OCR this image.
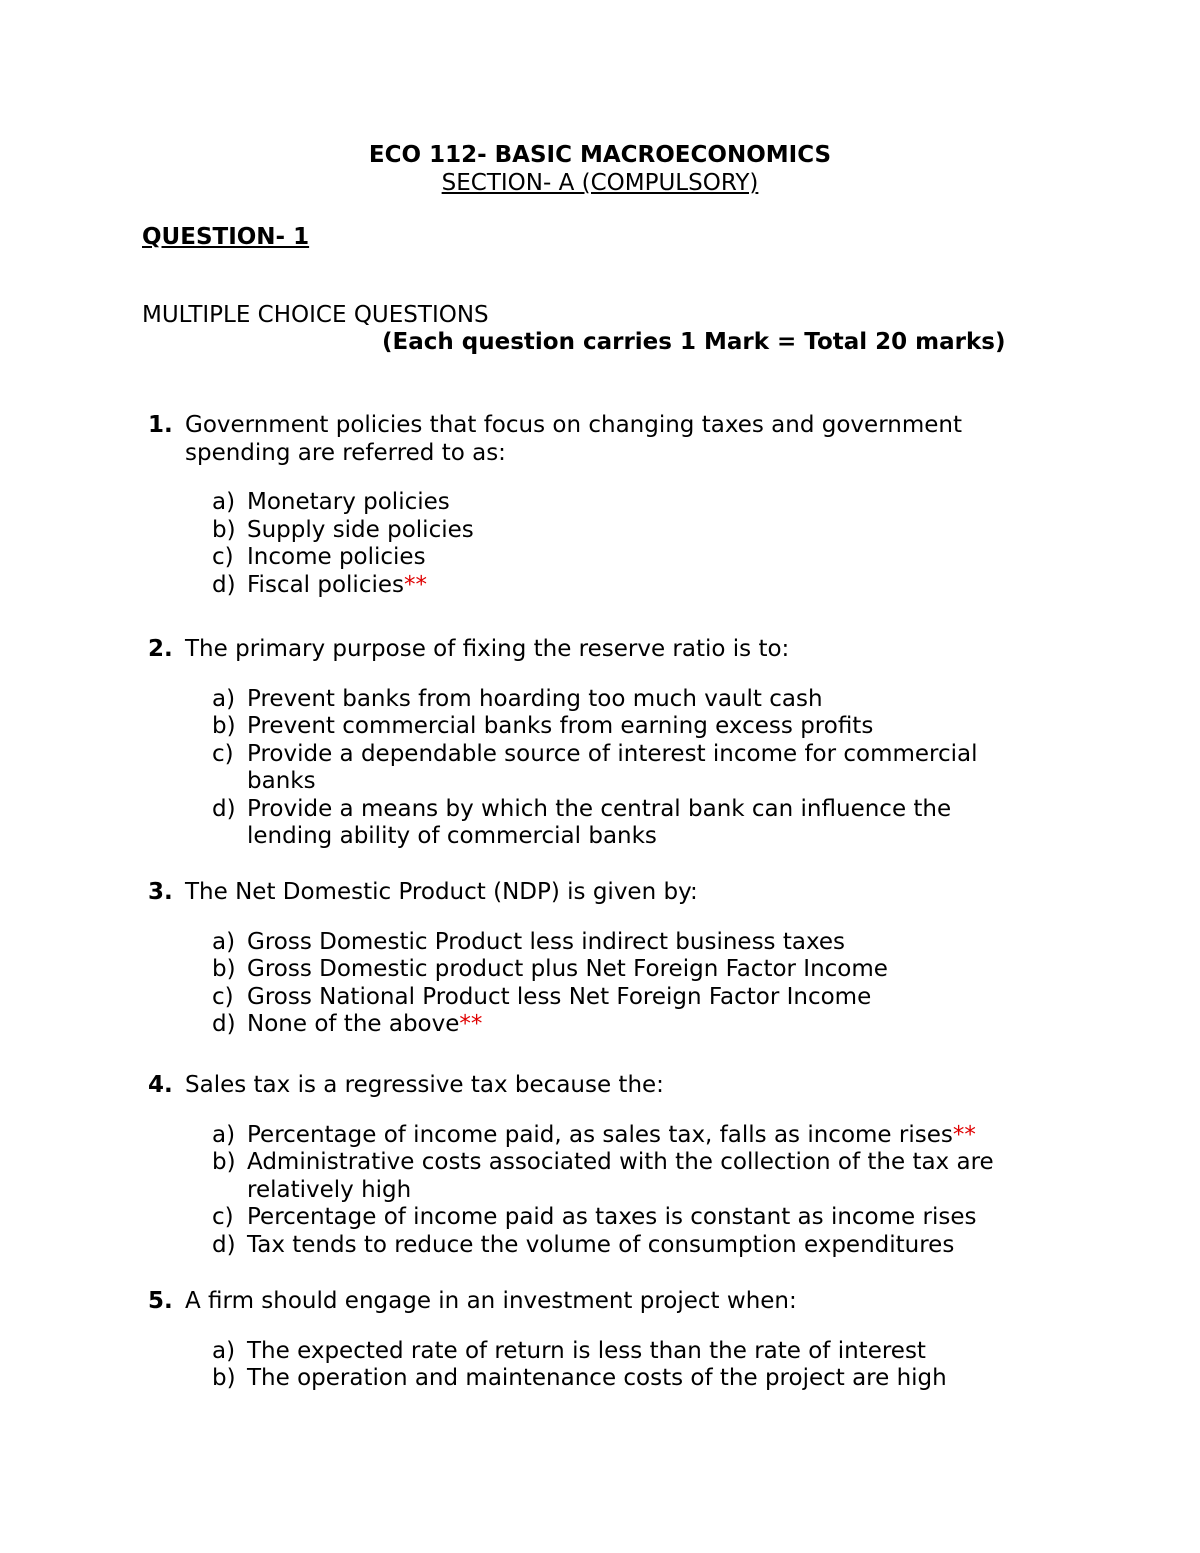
ECO 112- BASIC MACROECONOMICS
SECTION- A (COMPULSORY)
QUESTION- 1
MULTIPLE CHOICE QUESTIONS
(Each question carries 1 Mark = Total 20 marks)
1. Government policies that focus on changing taxes and government spending are referred to as:
a) Monetary policies
b) Supply side policies
c) Income policies
d) Fiscal policies**
2. The primary purpose of fixing the reserve ratio is to:
a) Prevent banks from hoarding too much vault cash
b) Prevent commercial banks from earning excess profits
c) Provide a dependable source of interest income for commercial banks
d) Provide a means by which the central bank can influence the lending ability of commercial banks
3. The Net Domestic Product (NDP) is given by:
a) Gross Domestic Product less indirect business taxes
b) Gross Domestic product plus Net Foreign Factor Income
c) Gross National Product less Net Foreign Factor Income
d) None of the above**
4. Sales tax is a regressive tax because the:
a) Percentage of income paid, as sales tax, falls as income rises**
b) Administrative costs associated with the collection of the tax are relatively high
c) Percentage of income paid as taxes is constant as income rises
d) Tax tends to reduce the volume of consumption expenditures
5. A firm should engage in an investment project when:
a) The expected rate of return is less than the rate of interest
b) The operation and maintenance costs of the project are high
